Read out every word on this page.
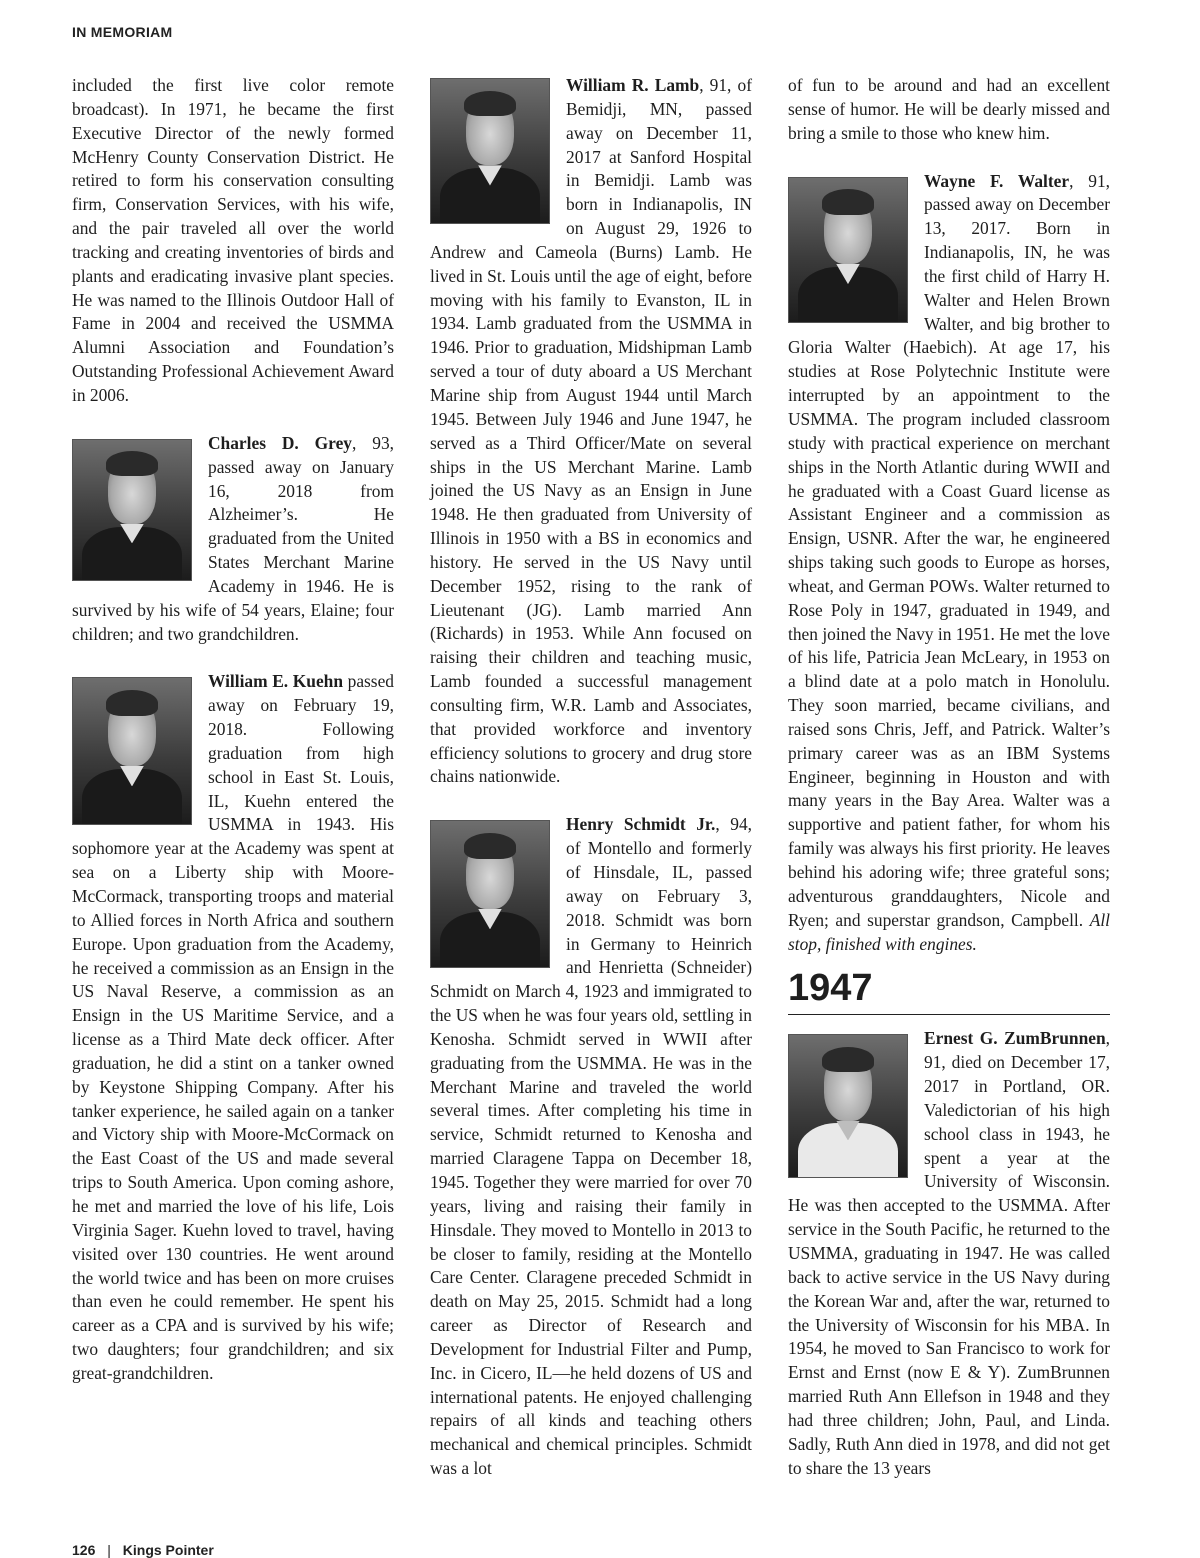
IN MEMORIAM

included the first live color remote broadcast). In 1971, he became the first Executive Director of the newly formed McHenry County Conservation District. He retired to form his conservation consulting firm, Conservation Services, with his wife, and the pair traveled all over the world tracking and creating inventories of birds and plants and eradicating invasive plant species. He was named to the Illinois Outdoor Hall of Fame in 2004 and received the USMMA Alumni Association and Foundation’s Outstanding Professional Achievement Award in 2006.

Charles D. Grey, 93, passed away on January 16, 2018 from Alzheimer’s. He graduated from the United States Merchant Marine Academy in 1946. He is survived by his wife of 54 years, Elaine; four children; and two grandchildren.

William E. Kuehn passed away on February 19, 2018. Following graduation from high school in East St. Louis, IL, Kuehn entered the USMMA in 1943. His sophomore year at the Academy was spent at sea on a Liberty ship with Moore-McCormack, transporting troops and material to Allied forces in North Africa and southern Europe. Upon graduation from the Academy, he received a commission as an Ensign in the US Naval Reserve, a commission as an Ensign in the US Maritime Service, and a license as a Third Mate deck officer. After graduation, he did a stint on a tanker owned by Keystone Shipping Company. After his tanker experience, he sailed again on a tanker and Victory ship with Moore-McCormack on the East Coast of the US and made several trips to South America. Upon coming ashore, he met and married the love of his life, Lois Virginia Sager. Kuehn loved to travel, having visited over 130 countries. He went around the world twice and has been on more cruises than even he could remember. He spent his career as a CPA and is survived by his wife; two daughters; four grandchildren; and six great-grandchildren.

William R. Lamb, 91, of Bemidji, MN, passed away on December 11, 2017 at Sanford Hospital in Bemidji. Lamb was born in Indianapolis, IN on August 29, 1926 to Andrew and Cameola (Burns) Lamb. He lived in St. Louis until the age of eight, before moving with his family to Evanston, IL in 1934. Lamb graduated from the USMMA in 1946. Prior to graduation, Midshipman Lamb served a tour of duty aboard a US Merchant Marine ship from August 1944 until March 1945. Between July 1946 and June 1947, he served as a Third Officer/Mate on several ships in the US Merchant Marine. Lamb joined the US Navy as an Ensign in June 1948. He then graduated from University of Illinois in 1950 with a BS in economics and history. He served in the US Navy until December 1952, rising to the rank of Lieutenant (JG). Lamb married Ann (Richards) in 1953. While Ann focused on raising their children and teaching music, Lamb founded a successful management consulting firm, W.R. Lamb and Associates, that provided workforce and inventory efficiency solutions to grocery and drug store chains nationwide.

Henry Schmidt Jr., 94, of Montello and formerly of Hinsdale, IL, passed away on February 3, 2018. Schmidt was born in Germany to Heinrich and Henrietta (Schneider) Schmidt on March 4, 1923 and immigrated to the US when he was four years old, settling in Kenosha. Schmidt served in WWII after graduating from the USMMA. He was in the Merchant Marine and traveled the world several times. After completing his time in service, Schmidt returned to Kenosha and married Claragene Tappa on December 18, 1945. Together they were married for over 70 years, living and raising their family in Hinsdale. They moved to Montello in 2013 to be closer to family, residing at the Montello Care Center. Claragene preceded Schmidt in death on May 25, 2015. Schmidt had a long career as Director of Research and Development for Industrial Filter and Pump, Inc. in Cicero, IL—he held dozens of US and international patents. He enjoyed challenging repairs of all kinds and teaching others mechanical and chemical principles. Schmidt was a lot

of fun to be around and had an excellent sense of humor. He will be dearly missed and bring a smile to those who knew him.

Wayne F. Walter, 91, passed away on December 13, 2017. Born in Indianapolis, IN, he was the first child of Harry H. Walter and Helen Brown Walter, and big brother to Gloria Walter (Haebich). At age 17, his studies at Rose Polytechnic Institute were interrupted by an appointment to the USMMA. The program included classroom study with practical experience on merchant ships in the North Atlantic during WWII and he graduated with a Coast Guard license as Assistant Engineer and a commission as Ensign, USNR. After the war, he engineered ships taking such goods to Europe as horses, wheat, and German POWs. Walter returned to Rose Poly in 1947, graduated in 1949, and then joined the Navy in 1951. He met the love of his life, Patricia Jean McLeary, in 1953 on a blind date at a polo match in Honolulu. They soon married, became civilians, and raised sons Chris, Jeff, and Patrick. Walter’s primary career was as an IBM Systems Engineer, beginning in Houston and with many years in the Bay Area. Walter was a supportive and patient father, for whom his family was always his first priority. He leaves behind his adoring wife; three grateful sons; adventurous granddaughters, Nicole and Ryen; and superstar grandson, Campbell. All stop, finished with engines.

1947

Ernest G. ZumBrunnen, 91, died on December 17, 2017 in Portland, OR. Valedictorian of his high school class in 1943, he spent a year at the University of Wisconsin. He was then accepted to the USMMA. After service in the South Pacific, he returned to the USMMA, graduating in 1947. He was called back to active service in the US Navy during the Korean War and, after the war, returned to the University of Wisconsin for his MBA. In 1954, he moved to San Francisco to work for Ernst and Ernst (now E & Y). ZumBrunnen married Ruth Ann Ellefson in 1948 and they had three children; John, Paul, and Linda. Sadly, Ruth Ann died in 1978, and did not get to share the 13 years

126 | Kings Pointer
